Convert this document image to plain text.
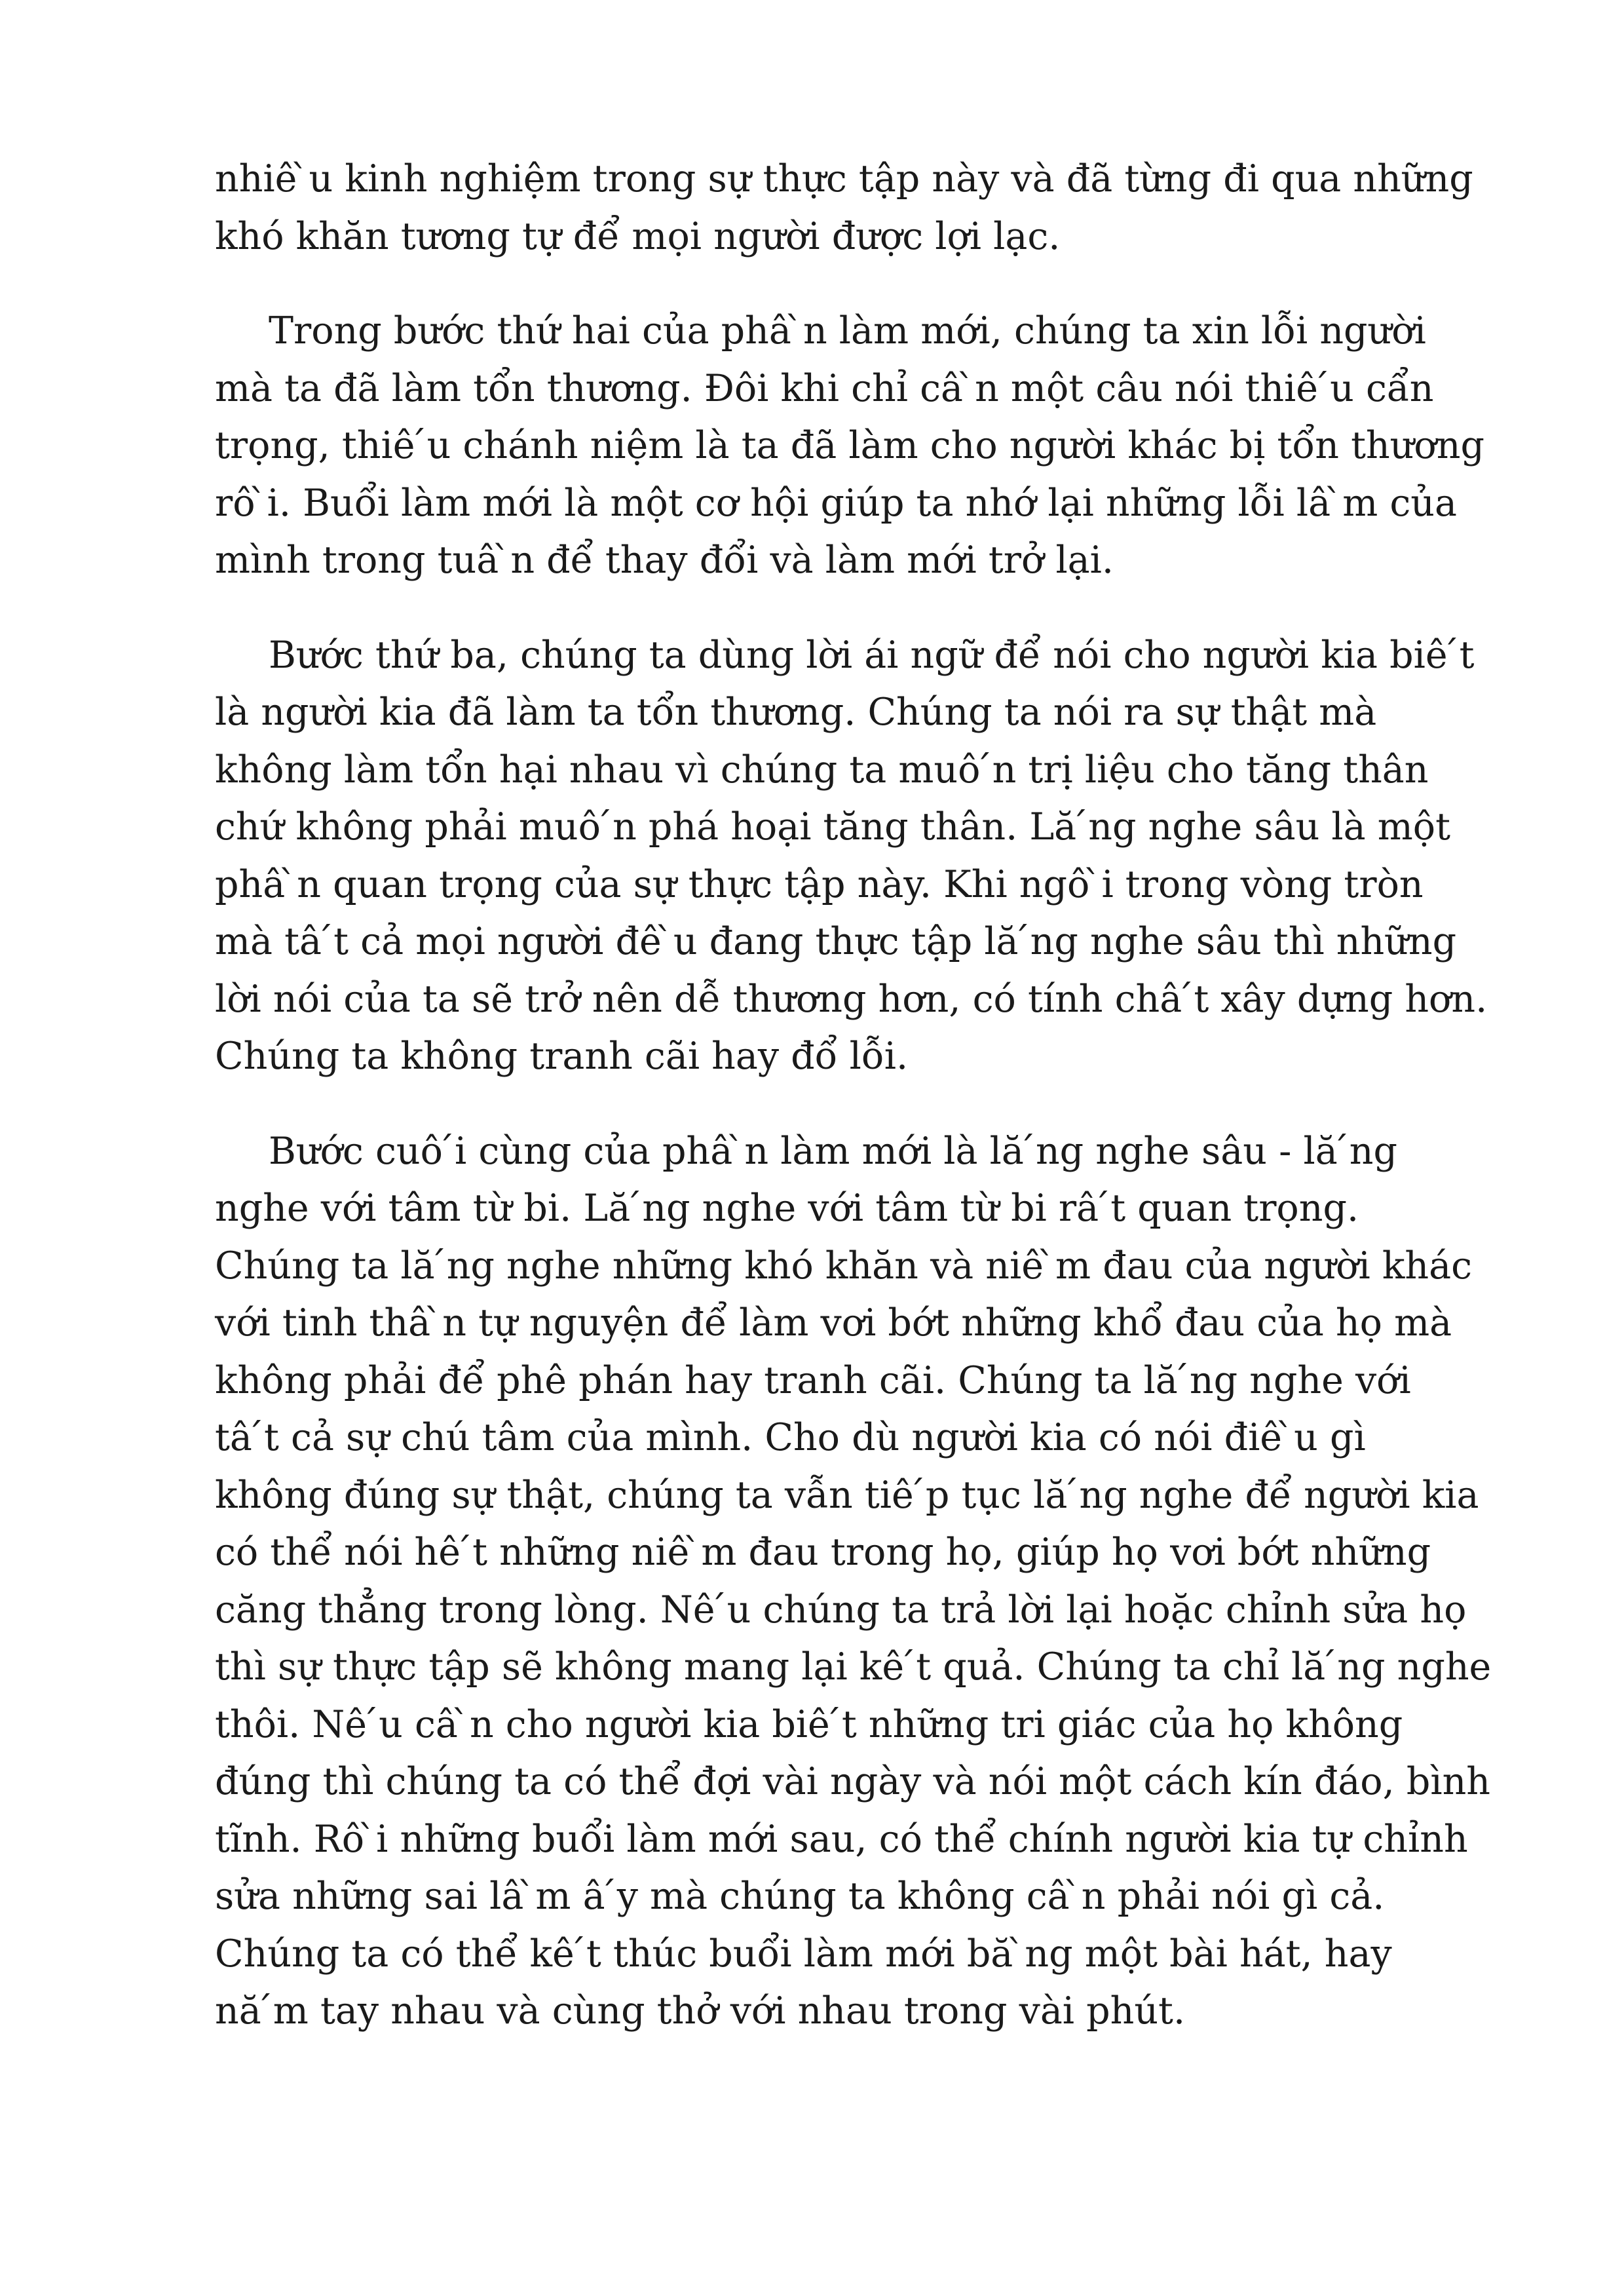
nhiê ̀u kinh nghiệm trong sự thực tập này và đã từng đi qua những
khó khăn tương tự để mọi người được lợi lạc.
Trong bước thứ hai của phâ ̀n làm mới, chúng ta xin lỗi người
mà ta đã làm tổn thương. Đôi khi chỉ câ ̀n một câu nói thiê ́u cẩn
trọng, thiê ́u chánh niệm là ta đã làm cho người khác bị tổn thương
rô ̀i. Buổi làm mới là một cơ hội giúp ta nhớ lại những lỗi lâ ̀m của
mình trong tuâ ̀n để thay đổi và làm mới trở lại.
Bước thứ ba, chúng ta dùng lời ái ngữ để nói cho người kia biê ́t
là người kia đã làm ta tổn thương. Chúng ta nói ra sự thật mà
không làm tổn hại nhau vì chúng ta muô ́n trị liệu cho tăng thân
chứ không phải muô ́n phá hoại tăng thân. Lă ́ng nghe sâu là một
phâ ̀n quan trọng của sự thực tập này. Khi ngô ̀i trong vòng tròn
mà tâ ́t cả mọi người đê ̀u đang thực tập lă ́ng nghe sâu thì những
lời nói của ta sẽ trở nên dễ thương hơn, có tính châ ́t xây dựng hơn.
Chúng ta không tranh cãi hay đổ lỗi.
Bước cuô ́i cùng của phâ ̀n làm mới là lă ́ng nghe sâu - lă ́ng
nghe với tâm từ bi. Lă ́ng nghe với tâm từ bi râ ́t quan trọng.
Chúng ta lă ́ng nghe những khó khăn và niê ̀m đau của người khác
với tinh thâ ̀n tự nguyện để làm vơi bớt những khổ đau của họ mà
không phải để phê phán hay tranh cãi. Chúng ta lă ́ng nghe với
tâ ́t cả sự chú tâm của mình. Cho dù người kia có nói điê ̀u gì
không đúng sự thật, chúng ta vẫn tiê ́p tục lă ́ng nghe để người kia
có thể nói hê ́t những niê ̀m đau trong họ, giúp họ vơi bớt những
căng thẳng trong lòng. Nê ́u chúng ta trả lời lại hoặc chỉnh sửa họ
thì sự thực tập sẽ không mang lại kê ́t quả. Chúng ta chỉ lă ́ng nghe
thôi. Nê ́u câ ̀n cho người kia biê ́t những tri giác của họ không
đúng thì chúng ta có thể đợi vài ngày và nói một cách kín đáo, bình
tĩnh. Rô ̀i những buổi làm mới sau, có thể chính người kia tự chỉnh
sửa những sai lâ ̀m â ́y mà chúng ta không câ ̀n phải nói gì cả.
Chúng ta có thể kê ́t thúc buổi làm mới bă ̀ng một bài hát, hay
nă ́m tay nhau và cùng thở với nhau trong vài phút.
